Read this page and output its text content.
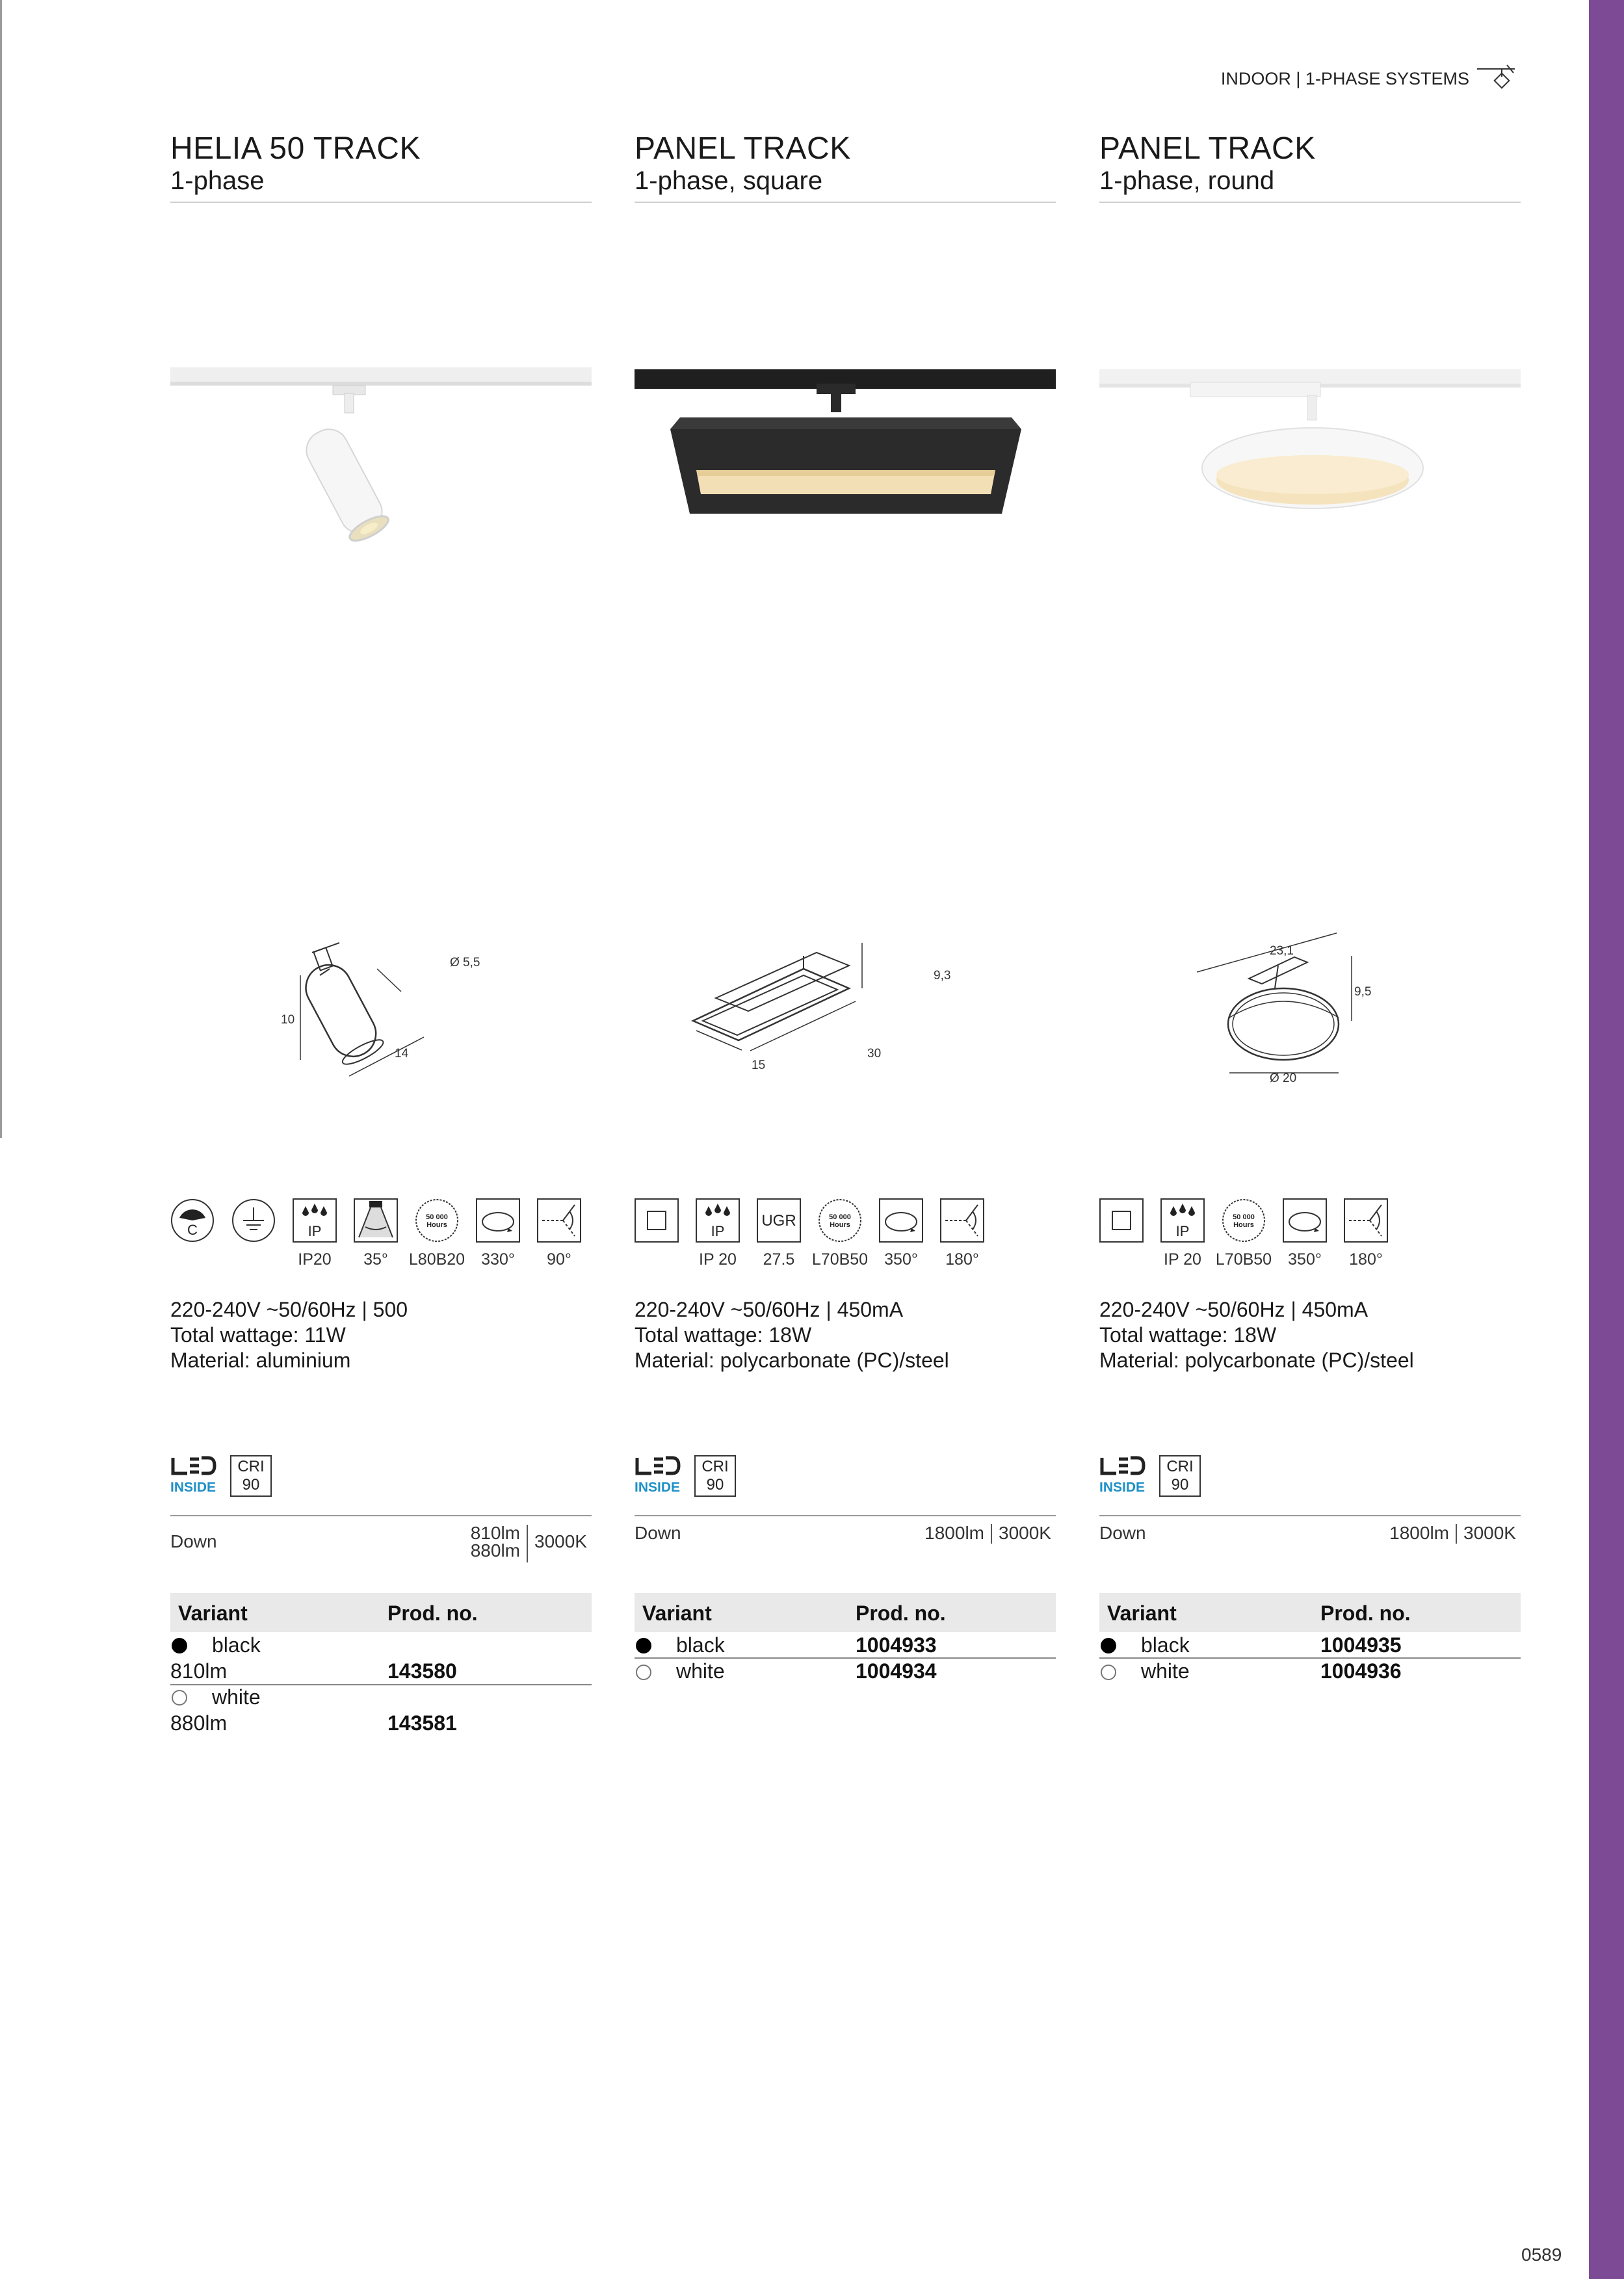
INDOOR | 1-PHASE SYSTEMS
HELIA 50 TRACK
1-phase
Ø 5,5
10
14
C	IP
50 000
Hours
IP20	35°	L80B20	330°	90°
220-240V ~50/60Hz | 500
Total wattage: 11W
Material: aluminium
INSIDE
CRI
90
Down	810lm
880lm 3000K
Variant	Prod. no.
black
810lm	143580
white
880lm	143581
PANEL TRACK
1-phase, square
9,3
15
30
IP
UGR	50 000
Hours
IP 20	27.5	L70B50	350°	180°
220-240V ~50/60Hz | 450mA
Total wattage: 18W
Material: polycarbonate (PC)/steel
INSIDE
CRI
90
Down	1800lm 3000K
Variant	Prod. no.
black	1004933
white	1004934
PANEL TRACK
1-phase, round
23,1
9,5
Ø 20
IP
50 000
Hours
IP 20 L70B50	350°	180°
220-240V ~50/60Hz | 450mA
Total wattage: 18W
Material: polycarbonate (PC)/steel
INSIDE
CRI
90
Down	1800lm 3000K
Variant	Prod. no.
black	1004935
white	1004936
0589
